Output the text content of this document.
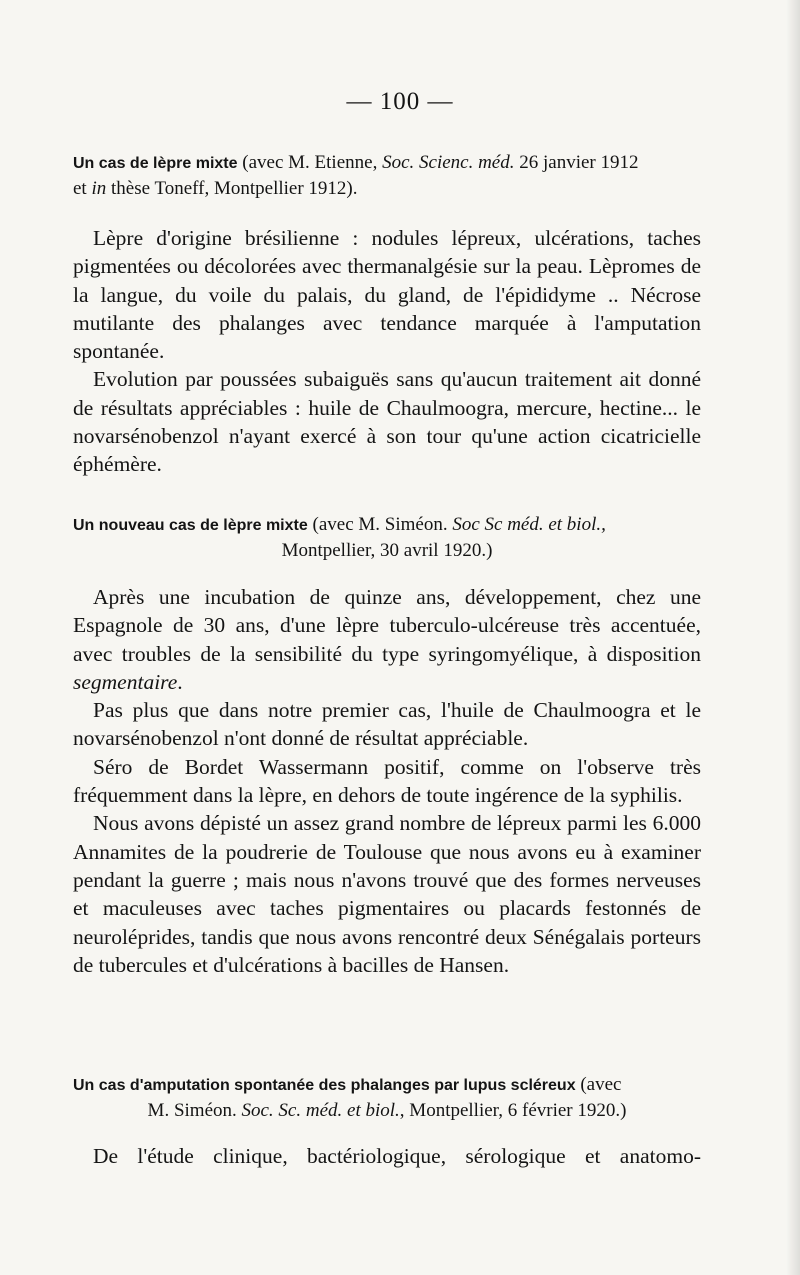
— 100 —
Un cas de lèpre mixte (avec M. Etienne, Soc. Scienc. méd. 26 janvier 1912
et in thèse Toneff, Montpellier 1912).

Lèpre d'origine brésilienne : nodules lépreux, ulcérations, taches pigmentées ou décolorées avec thermanalgésie sur la peau. Lèpromes de la langue, du voile du palais, du gland, de l'épididyme .. Nécrose mutilante des phalanges avec tendance marquée à l'amputation spontanée.

Evolution par poussées subaiguës sans qu'aucun traitement ait donné de résultats appréciables : huile de Chaulmoogra, mercure, hectine... le novarsénobenzol n'ayant exercé à son tour qu'une action cicatricielle éphémère.

Un nouveau cas de lèpre mixte (avec M. Siméon. Soc Sc méd. et biol.,
Montpellier, 30 avril 1920.)

Après une incubation de quinze ans, développement, chez une Espagnole de 30 ans, d'une lèpre tuberculo-ulcéreuse très accentuée, avec troubles de la sensibilité du type syringomyélique, à disposition segmentaire.

Pas plus que dans notre premier cas, l'huile de Chaulmoogra et le novarsénobenzol n'ont donné de résultat appréciable.

Séro de Bordet Wassermann positif, comme on l'observe très fréquemment dans la lèpre, en dehors de toute ingérence de la syphilis.

Nous avons dépisté un assez grand nombre de lépreux parmi les 6.000 Annamites de la poudrerie de Toulouse que nous avons eu à examiner pendant la guerre ; mais nous n'avons trouvé que des formes nerveuses et maculeuses avec taches pigmentaires ou placards festonnés de neuroléprides, tandis que nous avons rencontré deux Sénégalais porteurs de tubercules et d'ulcérations à bacilles de Hansen.

Un cas d'amputation spontanée des phalanges par lupus scléreux (avec
M. Siméon. Soc. Sc. méd. et biol., Montpellier, 6 février 1920.)

De l'étude clinique, bactériologique, sérologique et anatomo-
